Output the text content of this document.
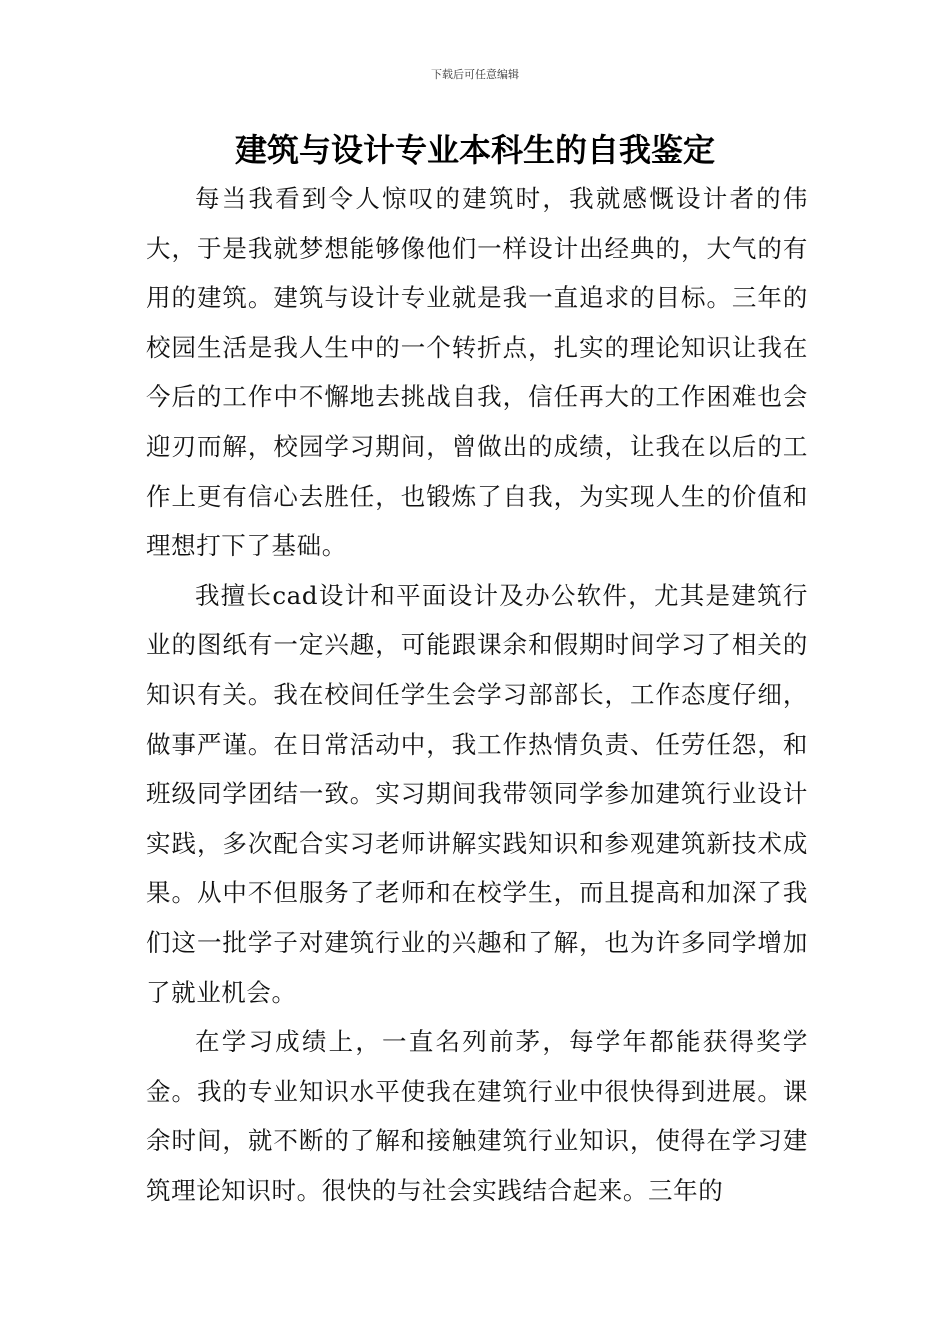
下载后可任意编辑
建筑与设计专业本科生的自我鉴定

每当我看到令人惊叹的建筑时，我就感慨设计者的伟大，于是我就梦想能够像他们一样设计出经典的，大气的有用的建筑。建筑与设计专业就是我一直追求的目标。三年的校园生活是我人生中的一个转折点，扎实的理论知识让我在今后的工作中不懈地去挑战自我，信任再大的工作困难也会迎刃而解，校园学习期间，曾做出的成绩，让我在以后的工作上更有信心去胜任，也锻炼了自我，为实现人生的价值和理想打下了基础。

我擅长cad设计和平面设计及办公软件，尤其是建筑行业的图纸有一定兴趣，可能跟课余和假期时间学习了相关的知识有关。我在校间任学生会学习部部长，工作态度仔细，做事严谨。在日常活动中，我工作热情负责、任劳任怨，和班级同学团结一致。实习期间我带领同学参加建筑行业设计实践，多次配合实习老师讲解实践知识和参观建筑新技术成果。从中不但服务了老师和在校学生，而且提高和加深了我们这一批学子对建筑行业的兴趣和了解，也为许多同学增加了就业机会。

在学习成绩上，一直名列前茅，每学年都能获得奖学金。我的专业知识水平使我在建筑行业中很快得到进展。课余时间，就不断的了解和接触建筑行业知识，使得在学习建筑理论知识时。很快的与社会实践结合起来。三年的
